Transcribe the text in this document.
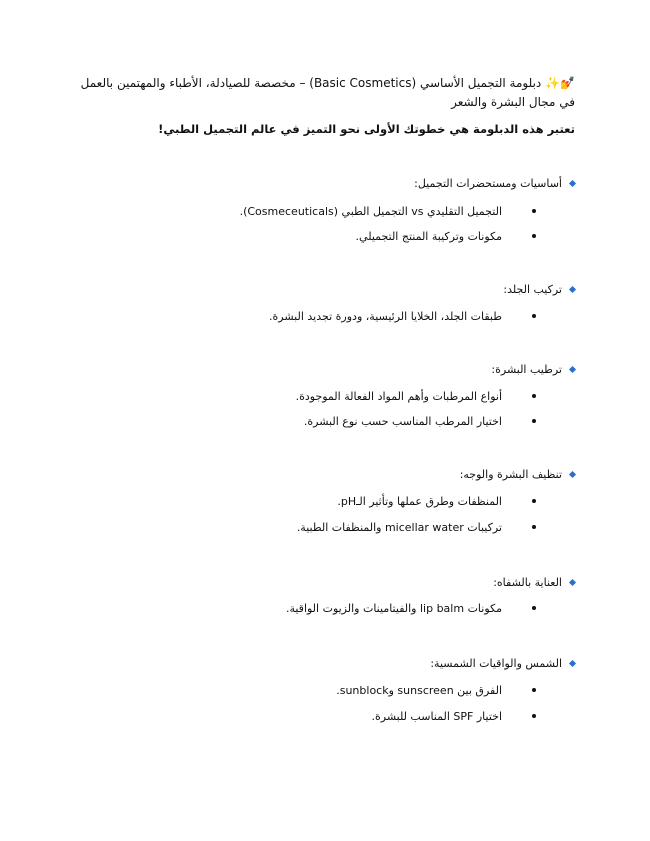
💅✨ دبلومة التجميل الأساسي (Basic Cosmetics) – مخصصة للصيادلة، الأطباء والمهتمين بالعمل في مجال البشرة والشعر
تعتبر هذه الدبلومة هي خطوتك الأولى نحو التميز في عالم التجميل الطبي!
أساسيات ومستحضرات التجميل:
التجميل التقليدي vs التجميل الطبي (Cosmeceuticals).
مكونات وتركيبة المنتج التجميلي.
تركيب الجلد:
طبقات الجلد، الخلايا الرئيسية، ودورة تجديد البشرة.
ترطيب البشرة:
أنواع المرطبات وأهم المواد الفعالة الموجودة.
اختيار المرطب المناسب حسب نوع البشرة.
تنظيف البشرة والوجه:
المنظفات وطرق عملها وتأثير الـpH.
تركيبات micellar water والمنظفات الطبية.
العناية بالشفاه:
مكونات lip balm والفيتامينات والزيوت الواقية.
الشمس والواقيات الشمسية:
الفرق بين sunscreen وsunblock.
اختيار SPF المناسب للبشرة.
